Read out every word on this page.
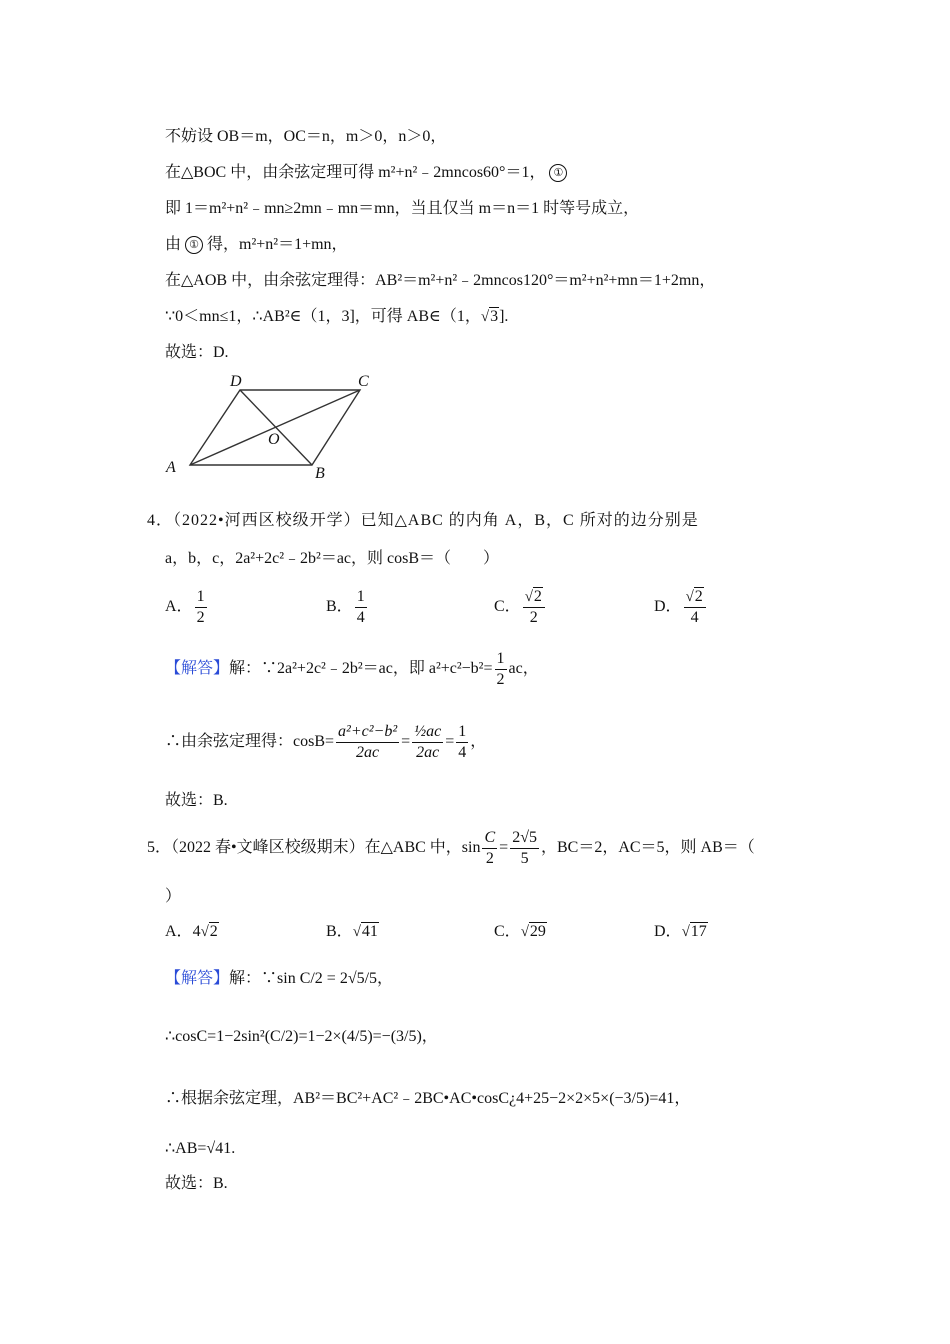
不妨设 OB＝m，OC＝n，m＞0，n＞0，
在△BOC 中，由余弦定理可得 m²+n²﹣2mncos60°＝1， ①
即 1＝m²+n²﹣mn≥2mn﹣mn＝mn，当且仅当 m＝n＝1 时等号成立，
由 ① 得，m²+n²＝1+mn，
在△AOB 中，由余弦定理得：AB²＝m²+n²﹣2mncos120°＝m²+n²+mn＝1+2mn，
∵0＜mn≤1，∴AB²∈（1，3]，可得 AB∈（1，√3].
故选：D.
A	B
C
D
O
4．（2022•河西区校级开学）已知△ABC 的内角 A，B，C 所对的边分别是
a，b，c，2a²+2c²﹣2b²＝ac，则 cosB＝（　　）
A． $\frac{1}{2}$	B． $\frac{1}{4}$	C． $\frac{√2}{2}$	D． $\frac{√2}{4}$
【解答】解：∵2a²+2c²﹣2b²＝ac，即 $a^2+c^2-b^2= \frac{1}{2}$ ac，
∴由余弦定理得：$\cos B= \frac{\text{a²+c²−b²}}{2ac} = \frac{\text{½ac}}{2ac} = \frac{1}{4}$ ，
故选：B.
5．（2022 春•文峰区校级期末）在△ABC 中，$\sin \frac{C}{2} = \frac{2√5}{5}$ ，BC＝2，AC＝5，则 AB＝（
）
A．4√2	B．√41	C．√29	D．√17
【解答】解：∵sin C/2 = 2√5/5，
∴cosC=1−2sin²(C/2)=1−2×(4/5)=−(3/5)，
∴根据余弦定理，AB²＝BC²+AC²﹣2BC•AC•cosC¿4+25−2×2×5×(−3/5)=41，
∴AB=√41.
故选：B.
